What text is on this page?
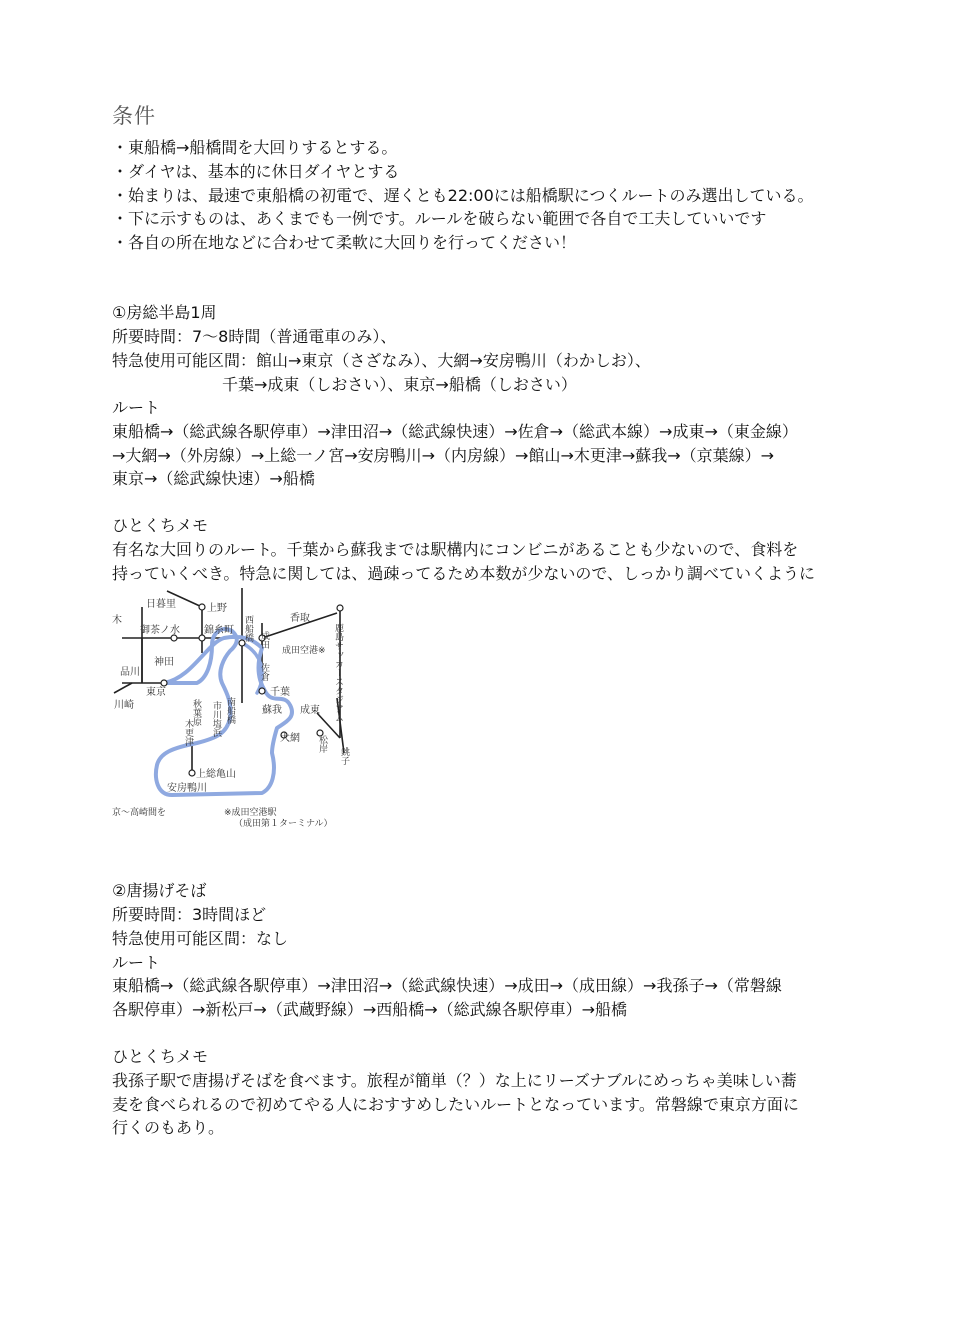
条件
・東船橋→船橋間を大回りするとする。
・ダイヤは、基本的に休日ダイヤとする
・始まりは、最速で東船橋の初電で、遅くとも22:00には船橋駅につくルートのみ選出している。
・下に示すものは、あくまでも一例です。ルールを破らない範囲で各自で工夫していいです
・各自の所在地などに合わせて柔軟に大回りを行ってください！
①房総半島1周
所要時間：7～8時間（普通電車のみ）、
特急使用可能区間：館山→東京（さざなみ）、大網→安房鴨川（わかしお）、
千葉→成東（しおさい）、東京→船橋（しおさい）
ルート
東船橋→（総武線各駅停車）→津田沼→（総武線快速）→佐倉→（総武本線）→成東→（東金線）
→大網→（外房線）→上総一ノ宮→安房鴨川→（内房線）→館山→木更津→蘇我→（京葉線）→
東京→（総武線快速）→船橋
ひとくちメモ
有名な大回りのルート。千葉から蘇我までは駅構内にコンビニがあることも少ないので、食料を
持っていくべき。特急に関しては、過疎ってるため本数が少ないので、しっかり調べていくように
日暮里	上野
御茶ノ水 錦糸町
神田
品川
東京
川崎
木
秋葉原
西船橋
南船橋
市川塩浜
木更津
成田
佐倉
成田空港※
千葉
蘇我
香取
鹿島サッカースタジアム
成東
大網 松岸
銚子
上総亀山
安房鴨川
京～高崎間を	※成田空港駅
（成田第１ターミナル）
②唐揚げそば
所要時間：3時間ほど
特急使用可能区間：なし
ルート
東船橋→（総武線各駅停車）→津田沼→（総武線快速）→成田→（成田線）→我孫子→（常磐線
各駅停車）→新松戸→（武蔵野線）→西船橋→（総武線各駅停車）→船橋
ひとくちメモ
我孫子駅で唐揚げそばを食べます。旅程が簡単（？）な上にリーズナブルにめっちゃ美味しい蕎
麦を食べられるので初めてやる人におすすめしたいルートとなっています。常磐線で東京方面に
行くのもあり。
